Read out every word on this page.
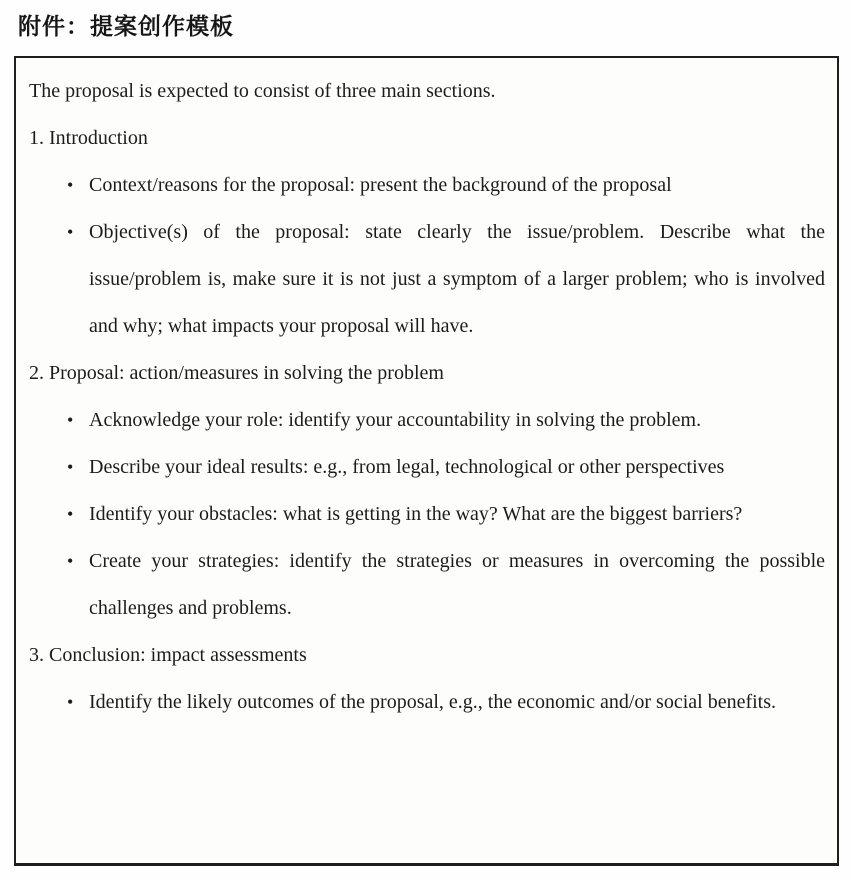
附件：提案创作模板
The proposal is expected to consist of three main sections.
1. Introduction
• Context/reasons for the proposal: present the background of the proposal
• Objective(s) of the proposal: state clearly the issue/problem. Describe what the issue/problem is, make sure it is not just a symptom of a larger problem; who is involved and why; what impacts your proposal will have.
2. Proposal: action/measures in solving the problem
• Acknowledge your role: identify your accountability in solving the problem.
• Describe your ideal results: e.g., from legal, technological or other perspectives
• Identify your obstacles: what is getting in the way? What are the biggest barriers?
• Create your strategies: identify the strategies or measures in overcoming the possible challenges and problems.
3. Conclusion: impact assessments
• Identify the likely outcomes of the proposal, e.g., the economic and/or social benefits.
